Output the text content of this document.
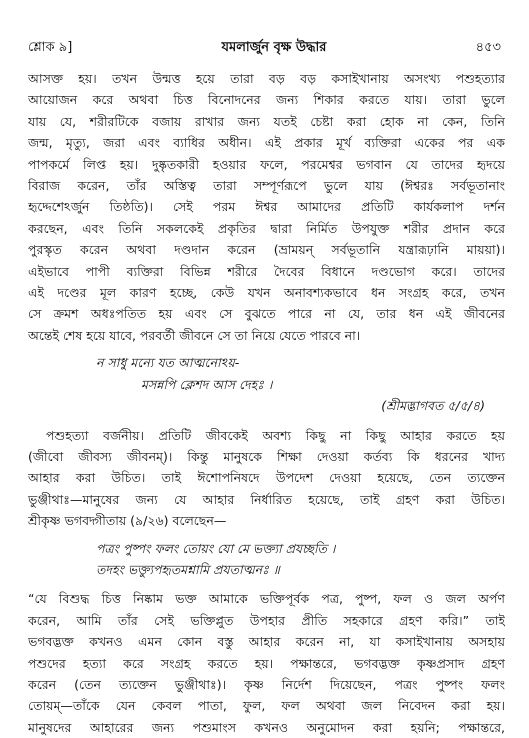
শ্লোক ৯]	যমলার্জুন বৃক্ষ উদ্ধার	৪৫৩
আসক্ত হয়। তখন উন্মত্ত হয়ে তারা বড় বড় কসাইখানায় অসংখ্য পশুহত্যার
আয়োজন করে অথবা চিত্ত বিনোদনের জন্য শিকার করতে যায়। তারা ভুলে
যায় যে, শরীরটিকে বজায় রাখার জন্য যতই চেষ্টা করা হোক না কেন, তিনি
জন্ম, মৃত্যু, জরা এবং ব্যাধির অধীন। এই প্রকার মূর্খ ব্যক্তিরা একের পর এক
পাপকর্মে লিপ্ত হয়। দুষ্কৃতকারী হওয়ার ফলে, পরমেশ্বর ভগবান যে তাদের হৃদয়ে
বিরাজ করেন, তাঁর অস্তিত্ব তারা সম্পূর্ণরূপে ভুলে যায় (ঈশ্বরঃ সর্বভূতানাং
হৃদ্দেশেঽর্জুন তিষ্ঠতি)। সেই পরম ঈশ্বর আমাদের প্রতিটি কার্যকলাপ দর্শন
করছেন, এবং তিনি সকলকেই প্রকৃতির দ্বারা নির্মিত উপযুক্ত শরীর প্রদান করে
পুরস্কৃত করেন অথবা দণ্ডদান করেন (ভ্রাময়ন্ সর্বভূতানি যন্ত্রারূঢ়ানি মায়য়া)।
এইভাবে পাপী ব্যক্তিরা বিভিন্ন শরীরে দৈবের বিধানে দণ্ডভোগ করে। তাদের
এই দণ্ডের মূল কারণ হচ্ছে, কেউ যখন অনাবশ্যকভাবে ধন সংগ্রহ করে, তখন
সে ক্রমশ অধঃপতিত হয় এবং সে বুঝতে পারে না যে, তার ধন এই জীবনের
অন্তেই শেষ হয়ে যাবে, পরবর্তী জীবনে সে তা নিয়ে যেতে পারবে না।
ন সাধু মন্যে যত আত্মনোঽয়-
মসন্নপি ক্লেশদ আস দেহঃ ।
(শ্রীমদ্ভাগবত ৫/৫/৪)
পশুহত্যা বর্জনীয়। প্রতিটি জীবকেই অবশ্য কিছু না কিছু আহার করতে হয়
(জীবো জীবস্য জীবনম্)। কিন্তু মানুষকে শিক্ষা দেওয়া কর্তব্য কি ধরনের খাদ্য
আহার করা উচিত। তাই ঈশোপনিষদে উপদেশ দেওয়া হয়েছে, তেন ত্যক্তেন
ভুঞ্জীথাঃ—মানুষের জন্য যে আহার নির্ধারিত হয়েছে, তাই গ্রহণ করা উচিত।
শ্রীকৃষ্ণ ভগবদ্গীতায় (৯/২৬) বলেছেন—
পত্রং পুষ্পং ফলং তোয়ং যো মে ভক্ত্যা প্রযচ্ছতি ।
তদহং ভক্ত্যুপহৃতমশ্নামি প্রযতাত্মনঃ ॥
“যে বিশুদ্ধ চিত্ত নিষ্কাম ভক্ত আমাকে ভক্তিপূর্বক পত্র, পুষ্প, ফল ও জল অর্পণ
করেন, আমি তাঁর সেই ভক্তিপ্লুত উপহার প্রীতি সহকারে গ্রহণ করি।” তাই
ভগবদ্ভক্ত কখনও এমন কোন বস্তু আহার করেন না, যা কসাইখানায় অসহায়
পশুদের হত্যা করে সংগ্রহ করতে হয়। পক্ষান্তরে, ভগবদ্ভক্ত কৃষ্ণপ্রসাদ গ্রহণ
করেন (তেন ত্যক্তেন ভুঞ্জীথাঃ)। কৃষ্ণ নির্দেশ দিয়েছেন, পত্রং পুষ্পং ফলং
তোয়ম্—তাঁকে যেন কেবল পাতা, ফুল, ফল অথবা জল নিবেদন করা হয়।
মানুষদের আহারের জন্য পশুমাংস কখনও অনুমোদন করা হয়নি; পক্ষান্তরে,
